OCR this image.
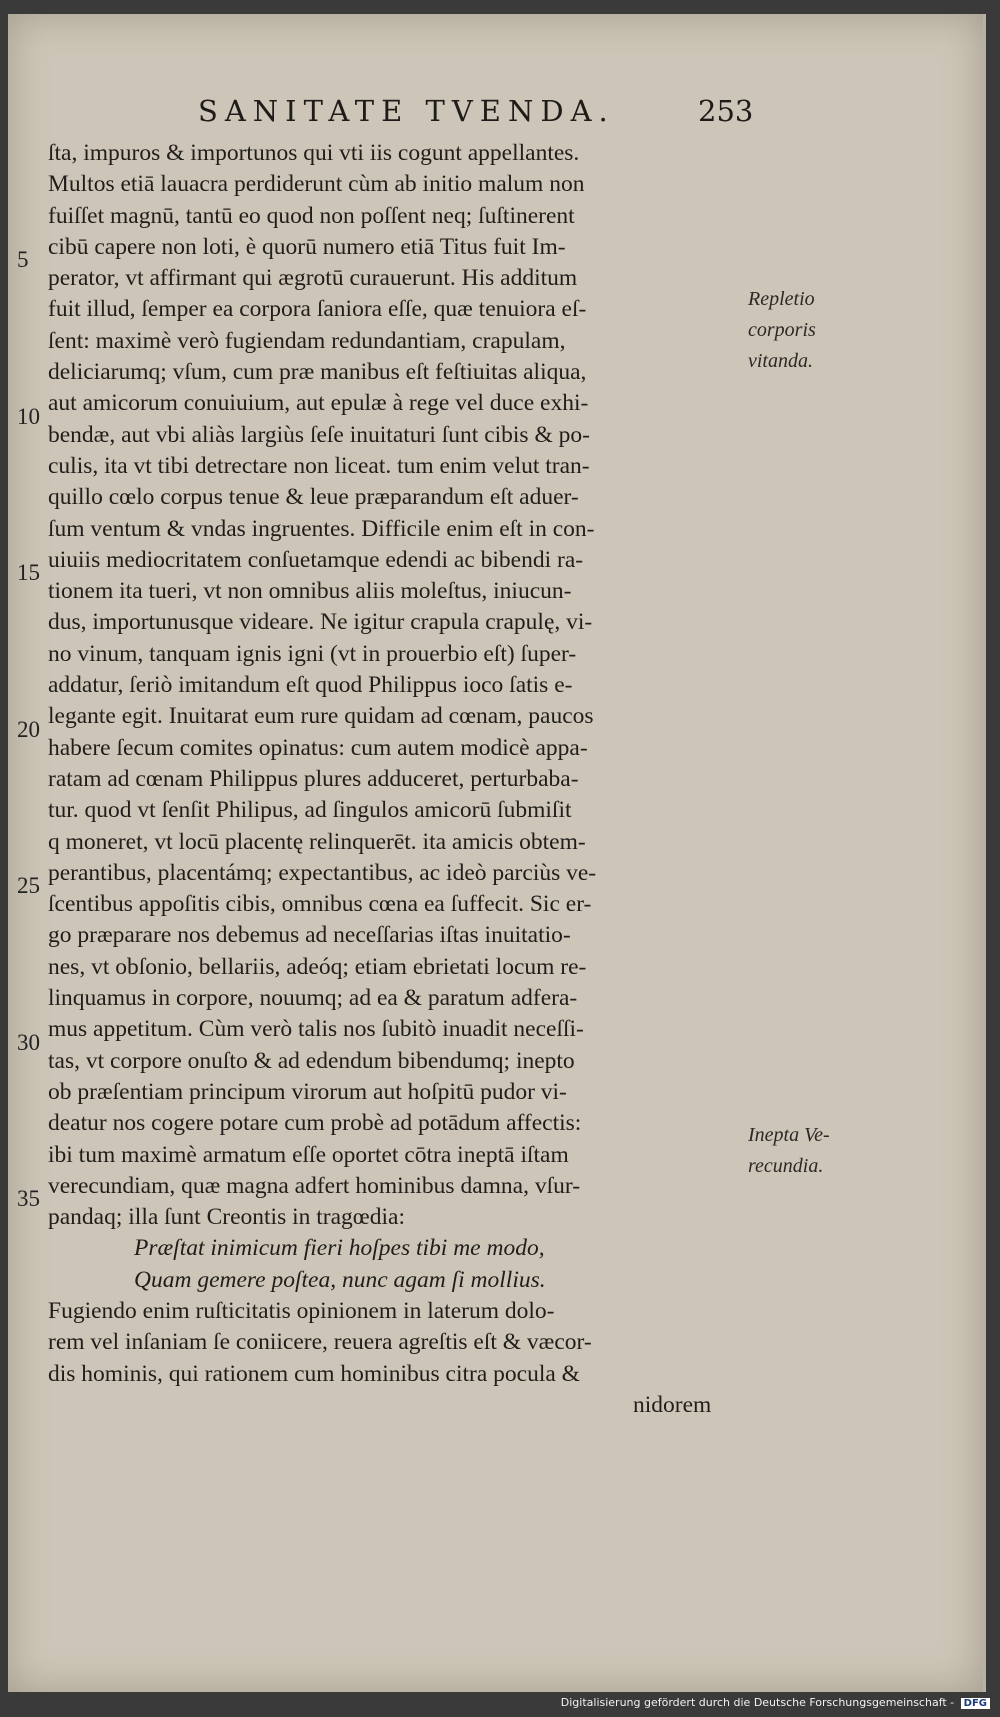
SANITATE TVENDA.	253
ſta, impuros & importunos qui vti iis cogunt appellantes.
Multos etiā lauacra perdiderunt cùm ab initio malum non
fuiſſet magnū, tantū eo quod non poſſent neq; ſuſtinerent
cibū capere non loti, è quorū numero etiā Titus fuit Im-
perator, vt affirmant qui ægrotū curauerunt. His additum
fuit illud, ſemper ea corpora ſaniora eſſe, quæ tenuiora eſ-
ſent: maximè verò fugiendam redundantiam, crapulam,
deliciarumq; vſum, cum præ manibus eſt feſtiuitas aliqua,
aut amicorum conuiuium, aut epulæ à rege vel duce exhi-
bendæ, aut vbi aliàs largiùs ſeſe inuitaturi ſunt cibis & po-
culis, ita vt tibi detrectare non liceat. tum enim velut tran-
quillo cœlo corpus tenue & leue præparandum eſt aduer-
ſum ventum & vndas ingruentes. Difficile enim eſt in con-
uiuiis mediocritatem conſuetamque edendi ac bibendi ra-
tionem ita tueri, vt non omnibus aliis moleſtus, iniucun-
dus, importunusque videare. Ne igitur crapula crapulę, vi-
no vinum, tanquam ignis igni (vt in prouerbio eſt) ſuper-
addatur, ſeriò imitandum eſt quod Philippus ioco ſatis e-
legante egit. Inuitarat eum rure quidam ad cœnam, paucos
habere ſecum comites opinatus: cum autem modicè appa-
ratam ad cœnam Philippus plures adduceret, perturbaba-
tur. quod vt ſenſit Philipus, ad ſingulos amicorū ſubmiſit
q moneret, vt locū placentę relinquerēt. ita amicis obtem-
perantibus, placentámq; expectantibus, ac ideò parciùs ve-
ſcentibus appoſitis cibis, omnibus cœna ea ſuffecit. Sic er-
go præparare nos debemus ad neceſſarias iſtas inuitatio-
nes, vt obſonio, bellariis, adeóq; etiam ebrietati locum re-
linquamus in corpore, nouumq; ad ea & paratum adfera-
mus appetitum. Cùm verò talis nos ſubitò inuadit neceſſi-
tas, vt corpore onuſto & ad edendum bibendumq; inepto
ob præſentiam principum virorum aut hoſpitū pudor vi-
deatur nos cogere potare cum probè ad potādum affectis:
ibi tum maximè armatum eſſe oportet cōtra ineptā iſtam
verecundiam, quæ magna adfert hominibus damna, vſur-
pandaq; illa ſunt Creontis in tragœdia:
Præſtat inimicum fieri hoſpes tibi me modo,
Quam gemere poſtea, nunc agam ſi mollius.
Fugiendo enim ruſticitatis opinionem in laterum dolo-
rem vel inſaniam ſe coniicere, reuera agreſtis eſt & væcor-
dis hominis, qui rationem cum hominibus citra pocula &
nidorem
5
10
15
20
25
30
35
Repletio
corporis
vitanda.
Inepta Ve-
recundia.
Digitalisierung gefördert durch die Deutsche Forschungsgemeinschaft - DFG
